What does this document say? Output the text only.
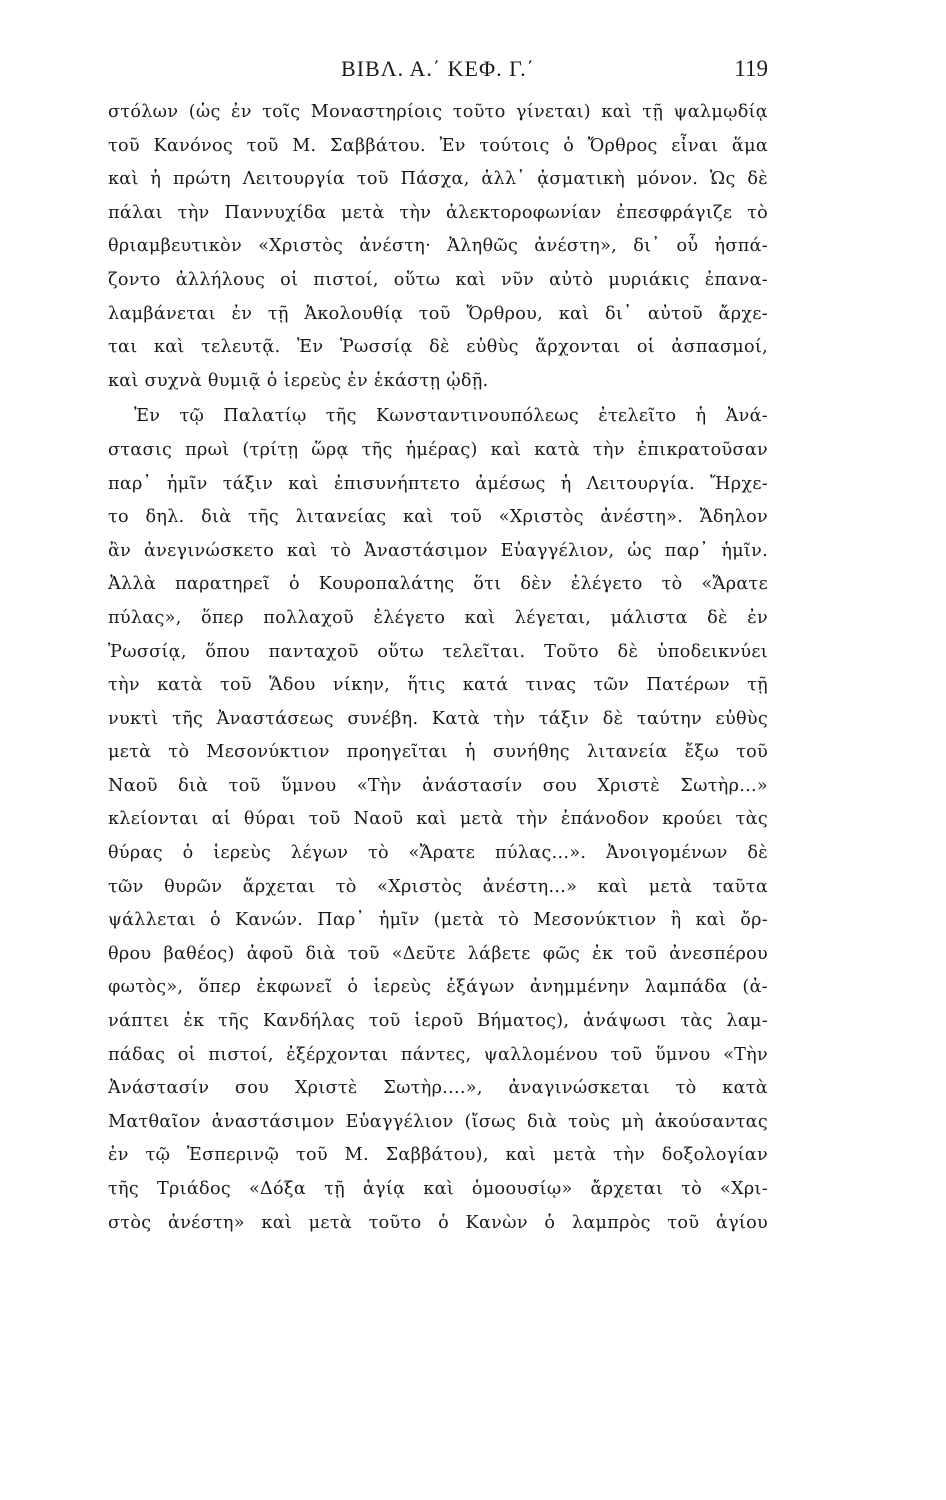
ΒΙΒΛ. Α.΄ ΚΕΦ. Γ.΄	119
στόλων (ὡς ἐν τοῖς Μοναστηρίοις τοῦτο γίνεται) καὶ τῇ ψαλμῳδίᾳ
τοῦ Κανόνος τοῦ Μ. Σαββάτου. Ἐν τούτοις ὁ Ὄρθρος εἶναι ἅμα
καὶ ἡ πρώτη Λειτουργία τοῦ Πάσχα, ἀλλ᾽ ᾀσματικὴ μόνον. Ὡς δὲ
πάλαι τὴν Παννυχίδα μετὰ τὴν ἀλεκτοροφωνίαν ἐπεσφράγιζε τὸ
θριαμβευτικὸν «Χριστὸς ἀνέστη· Ἀληθῶς ἀνέστη», δι᾽ οὗ ἠσπά-
ζοντο ἀλλήλους οἱ πιστοί, οὕτω καὶ νῦν αὐτὸ μυριάκις ἐπανα-
λαμβάνεται ἐν τῇ Ἀκολουθίᾳ τοῦ Ὄρθρου, καὶ δι᾽ αὐτοῦ ἄρχε-
ται καὶ τελευτᾷ. Ἐν Ῥωσσίᾳ δὲ εὐθὺς ἄρχονται οἱ ἀσπασμοί,
καὶ συχνὰ θυμιᾷ ὁ ἱερεὺς ἐν ἑκάστῃ ᾠδῇ.
Ἐν τῷ Παλατίῳ τῆς Κωνσταντινουπόλεως ἐτελεῖτο ἡ Ἀνά-
στασις πρωὶ (τρίτῃ ὥρᾳ τῆς ἡμέρας) καὶ κατὰ τὴν ἐπικρατοῦσαν
παρ᾽ ἡμῖν τάξιν καὶ ἐπισυνήπτετο ἀμέσως ἡ Λειτουργία. Ἤρχε-
το δηλ. διὰ τῆς λιτανείας καὶ τοῦ «Χριστὸς ἀνέστη». Ἄδηλον
ἂν ἀνεγινώσκετο καὶ τὸ Ἀναστάσιμον Εὐαγγέλιον, ὡς παρ᾽ ἡμῖν.
Ἀλλὰ παρατηρεῖ ὁ Κουροπαλάτης ὅτι δὲν ἐλέγετο τὸ «Ἄρατε
πύλας», ὅπερ πολλαχοῦ ἐλέγετο καὶ λέγεται, μάλιστα δὲ ἐν
Ῥωσσίᾳ, ὅπου πανταχοῦ οὕτω τελεῖται. Τοῦτο δὲ ὑποδεικνύει
τὴν κατὰ τοῦ Ἅδου νίκην, ἥτις κατά τινας τῶν Πατέρων τῇ
νυκτὶ τῆς Ἀναστάσεως συνέβη. Κατὰ τὴν τάξιν δὲ ταύτην εὐθὺς
μετὰ τὸ Μεσονύκτιον προηγεῖται ἡ συνήθης λιτανεία ἔξω τοῦ
Ναοῦ διὰ τοῦ ὕμνου «Τὴν ἀνάστασίν σου Χριστὲ Σωτὴρ...»
κλείονται αἱ θύραι τοῦ Ναοῦ καὶ μετὰ τὴν ἐπάνοδον κρούει τὰς
θύρας ὁ ἱερεὺς λέγων τὸ «Ἄρατε πύλας...». Ἀνοιγομένων δὲ
τῶν θυρῶν ἄρχεται τὸ «Χριστὸς ἀνέστη...» καὶ μετὰ ταῦτα
ψάλλεται ὁ Κανών. Παρ᾽ ἡμῖν (μετὰ τὸ Μεσονύκτιον ἢ καὶ ὄρ-
θρου βαθέος) ἀφοῦ διὰ τοῦ «Δεῦτε λάβετε φῶς ἐκ τοῦ ἀνεσπέρου
φωτὸς», ὅπερ ἐκφωνεῖ ὁ ἱερεὺς ἐξάγων ἀνημμένην λαμπάδα (ἀ-
νάπτει ἐκ τῆς Κανδήλας τοῦ ἱεροῦ Βήματος), ἀνάψωσι τὰς λαμ-
πάδας οἱ πιστοί, ἐξέρχονται πάντες, ψαλλομένου τοῦ ὕμνου «Τὴν
Ἀνάστασίν σου Χριστὲ Σωτὴρ....», ἀναγινώσκεται τὸ κατὰ
Ματθαῖον ἀναστάσιμον Εὐαγγέλιον (ἴσως διὰ τοὺς μὴ ἀκούσαντας
ἐν τῷ Ἑσπερινῷ τοῦ Μ. Σαββάτου), καὶ μετὰ τὴν δοξολογίαν
τῆς Τριάδος «Δόξα τῇ ἁγίᾳ καὶ ὁμοουσίῳ» ἄρχεται τὸ «Χρι-
στὸς ἀνέστη» καὶ μετὰ τοῦτο ὁ Κανὼν ὁ λαμπρὸς τοῦ ἁγίου
